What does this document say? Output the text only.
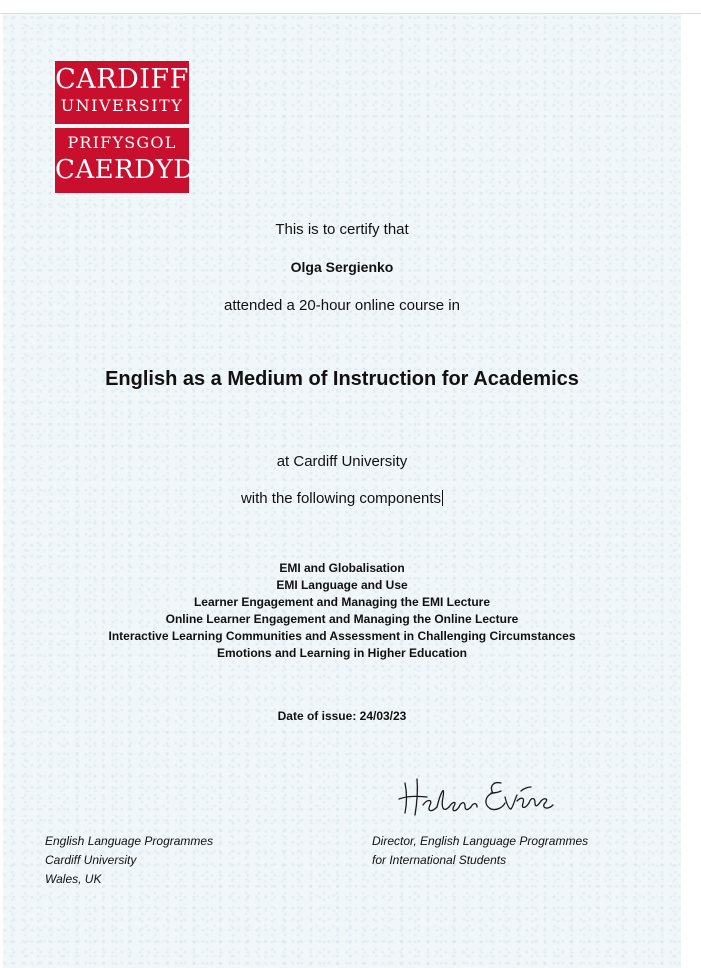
CARDIFF
UNIVERSITY
PRIFYSGOL
CAERDYD
This is to certify that
Olga Sergienko
attended a 20-hour online course in
English as a Medium of Instruction for Academics
at Cardiff University
with the following components
EMI and Globalisation
EMI Language and Use
Learner Engagement and Managing the EMI Lecture
Online Learner Engagement and Managing the Online Lecture
Interactive Learning Communities and Assessment in Challenging Circumstances
Emotions and Learning in Higher Education
Date of issue: 24/03/23
English Language Programmes
Cardiff University
Wales, UK
Director, English Language Programmes
for International Students
